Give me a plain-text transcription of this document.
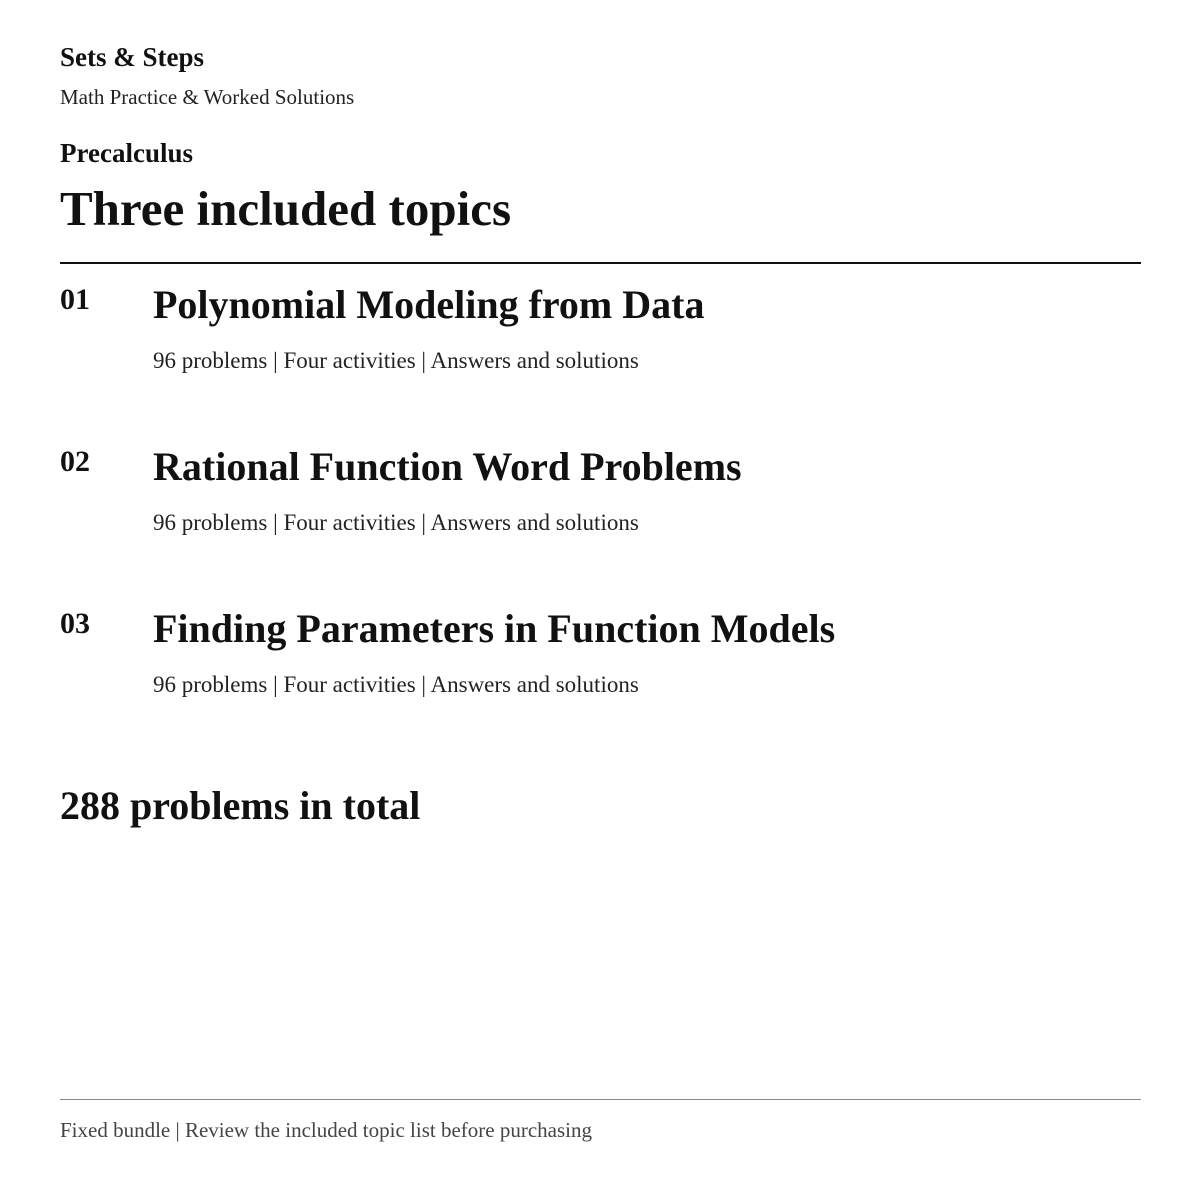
Sets & Steps
Math Practice & Worked Solutions
Precalculus
Three included topics
01 Polynomial Modeling from Data
96 problems | Four activities | Answers and solutions
02 Rational Function Word Problems
96 problems | Four activities | Answers and solutions
03 Finding Parameters in Function Models
96 problems | Four activities | Answers and solutions
288 problems in total
Fixed bundle | Review the included topic list before purchasing
